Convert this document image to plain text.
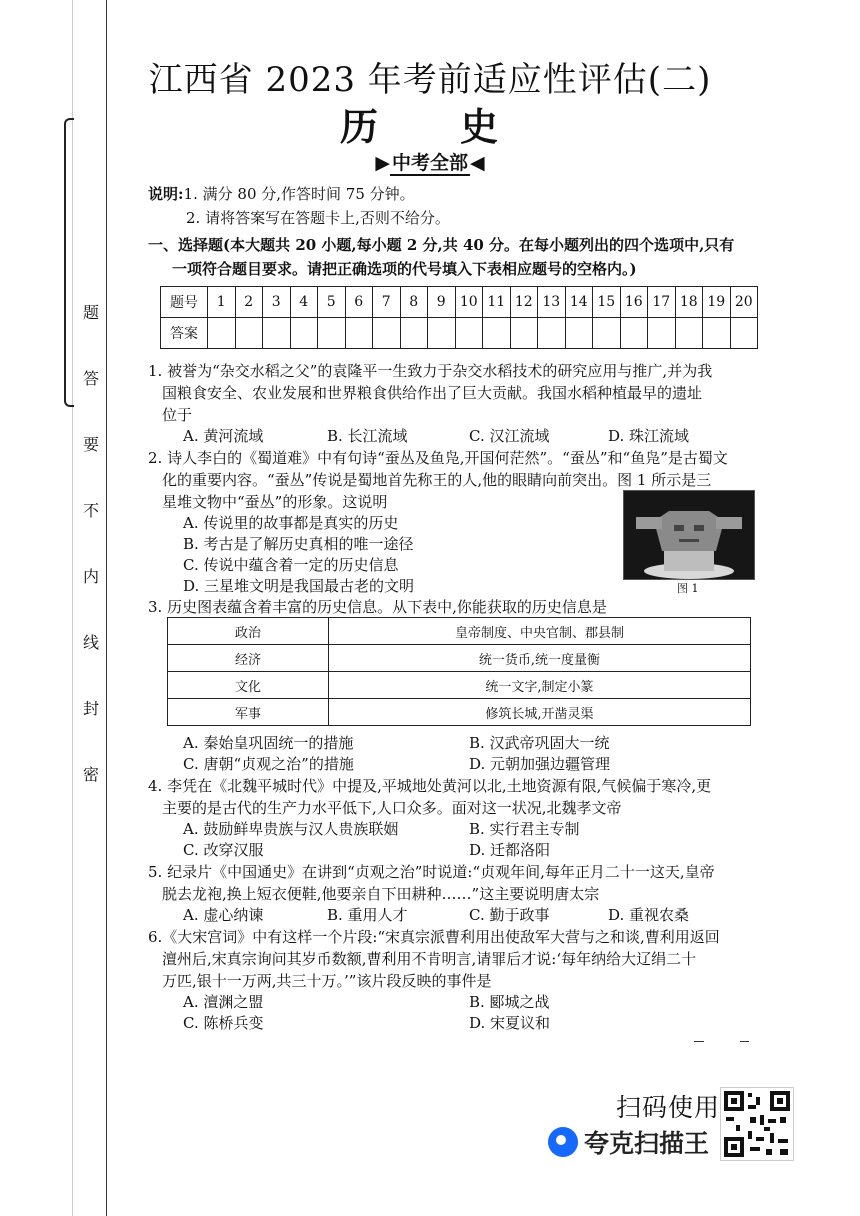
题
答
要
不
内
线
封
密
江西省 2023 年考前适应性评估(二)
历　史
▶ 中考全部 ◀
说明:1. 满分 80 分,作答时间 75 分钟。
2. 请将答案写在答题卡上,否则不给分。
一、选择题(本大题共 20 小题,每小题 2 分,共 40 分。在每小题列出的四个选项中,只有
一项符合题目要求。请把正确选项的代号填入下表相应题号的空格内。)
题号	1	2	3	4	5	6	7	8	9	10	11	12	13	14	15	16	17	18	19	20
答案																				
1. 被誉为“杂交水稻之父”的袁隆平一生致力于杂交水稻技术的研究应用与推广,并为我
国粮食安全、农业发展和世界粮食供给作出了巨大贡献。我国水稻种植最早的遗址
位于
A. 黄河流域	B. 长江流域	C. 汉江流域	D. 珠江流域
2. 诗人李白的《蜀道难》中有句诗“蚕丛及鱼凫,开国何茫然”。“蚕丛”和“鱼凫”是古蜀文
化的重要内容。“蚕丛”传说是蜀地首先称王的人,他的眼睛向前突出。图 1 所示是三
星堆文物中“蚕丛”的形象。这说明
A. 传说里的故事都是真实的历史
B. 考古是了解历史真相的唯一途径
C. 传说中蕴含着一定的历史信息
D. 三星堆文明是我国最古老的文明	图 1
3. 历史图表蕴含着丰富的历史信息。从下表中,你能获取的历史信息是
政治	皇帝制度、中央官制、郡县制
经济	统一货币,统一度量衡
文化	统一文字,制定小篆
军事	修筑长城,开凿灵渠
A. 秦始皇巩固统一的措施	B. 汉武帝巩固大一统
C. 唐朝“贞观之治”的措施	D. 元朝加强边疆管理
4. 李凭在《北魏平城时代》中提及,平城地处黄河以北,土地资源有限,气候偏于寒冷,更
主要的是古代的生产力水平低下,人口众多。面对这一状况,北魏孝文帝
A. 鼓励鲜卑贵族与汉人贵族联姻	B. 实行君主专制
C. 改穿汉服	D. 迁都洛阳
5. 纪录片《中国通史》在讲到“贞观之治”时说道:“贞观年间,每年正月二十一这天,皇帝
脱去龙袍,换上短衣便鞋,他要亲自下田耕种……”这主要说明唐太宗
A. 虚心纳谏	B. 重用人才	C. 勤于政事	D. 重视农桑
6.《大宋宫词》中有这样一个片段:“宋真宗派曹利用出使敌军大营与之和谈,曹利用返回
澶州后,宋真宗询问其岁币数额,曹利用不肯明言,请罪后才说:‘每年纳给大辽绢二十
万匹,银十一万两,共三十万。’”该片段反映的事件是
A. 澶渊之盟	B. 郾城之战
C. 陈桥兵变	D. 宋夏议和
扫码使用
夸克扫描王
